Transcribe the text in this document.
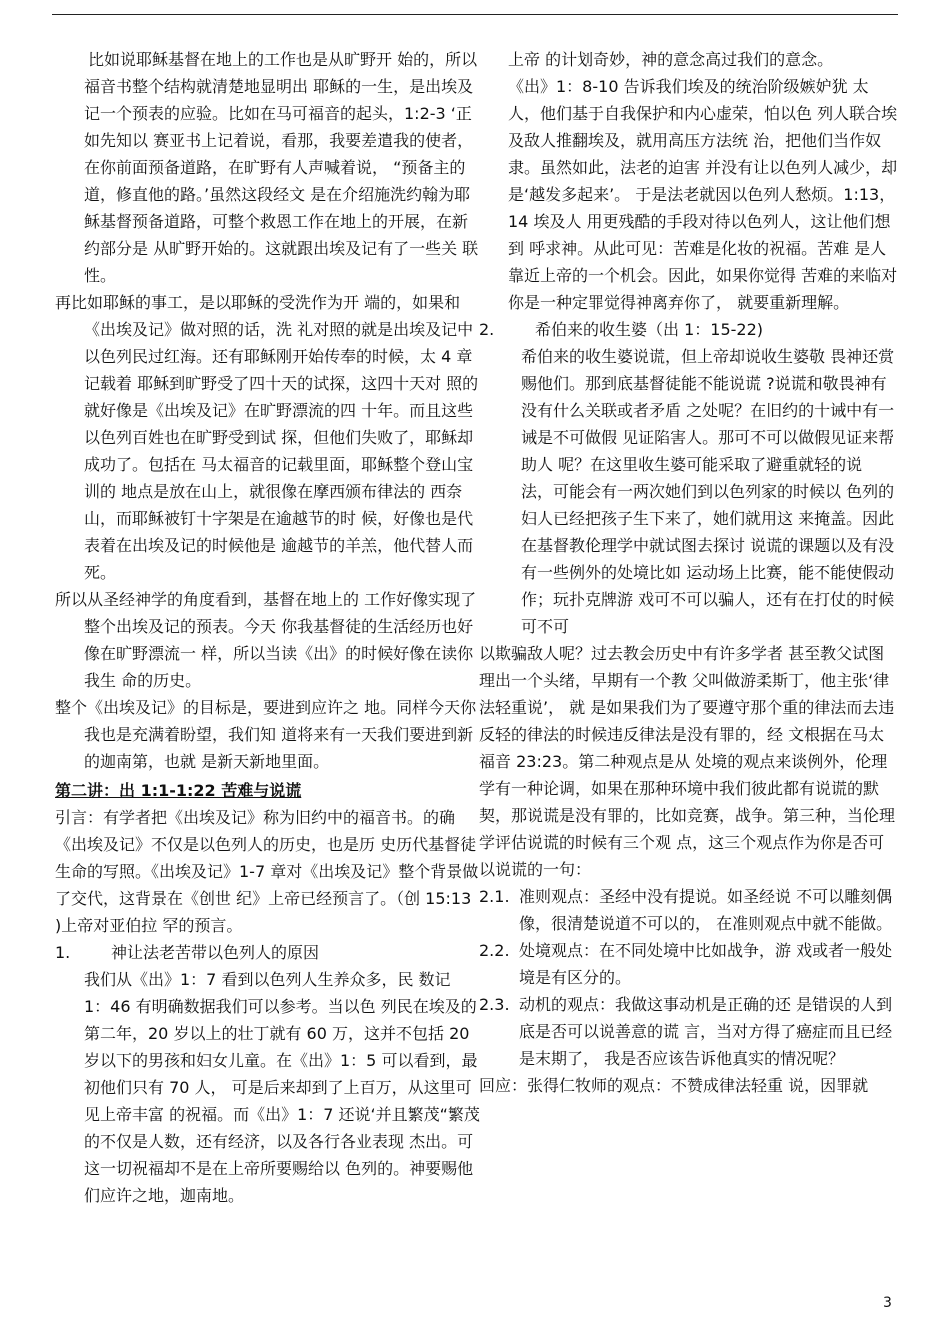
比如说耶稣基督在地上的工作也是从旷野开 始的，所以福音书整个结构就清楚地显明出 耶稣的一生，是出埃及记一个预表的应验。比如在马可福音的起头，1:2-3 ‘正如先知以 赛亚书上记着说，看那，我要差遣我的使者， 在你前面预备道路，在旷野有人声喊着说， “预备主的道，修直他的路。’虽然这段经文 是在介绍施洗约翰为耶稣基督预备道路，可整个救恩工作在地上的开展，在新约部分是 从旷野开始的。这就跟出埃及记有了一些关 联性。

再比如耶稣的事工，是以耶稣的受洗作为开 端的，如果和《出埃及记》做对照的话，洗 礼对照的就是出埃及记中以色列民过红海。还有耶稣刚开始传奉的时候，太 4 章记载着 耶稣到旷野受了四十天的试探，这四十天对 照的就好像是《出埃及记》在旷野漂流的四 十年。而且这些以色列百姓也在旷野受到试 探，但他们失败了，耶稣却成功了。包括在 马太福音的记载里面，耶稣整个登山宝训的 地点是放在山上，就很像在摩西颁布律法的 西奈山，而耶稣被钉十字架是在逾越节的时 候，好像也是代表着在出埃及记的时候他是 逾越节的羊羔，他代替人而死。

所以从圣经神学的角度看到，基督在地上的 工作好像实现了整个出埃及记的预表。今天 你我基督徒的生活经历也好像在旷野漂流一 样，所以当读《出》的时候好像在读你我生 命的历史。

整个《出埃及记》的目标是，要进到应许之 地。同样今天你我也是充满着盼望，我们知 道将来有一天我们要进到新的迦南第，也就 是新天新地里面。

第二讲：出 1:1-1:22 苦难与说谎

引言：有学者把《出埃及记》称为旧约中的福音书。的确《出埃及记》不仅是以色列人的历史，也是历 史历代基督徒生命的写照。《出埃及记》1-7 章对《出埃及记》整个背景做了交代，这背景在《创世 纪》上帝已经预言了。（创 15:13 )上帝对亚伯拉 罕的预言。

1.	神让法老苦带以色列人的原因

我们从《出》1：7 看到以色列人生养众多，民 数记 1：46 有明确数据我们可以参考。当以色 列民在埃及的第二年，20 岁以上的壮丁就有 60 万，这并不包括 20 岁以下的男孩和妇女儿童。在《出》1：5 可以看到，最初他们只有 70 人， 可是后来却到了上百万，从这里可见上帝丰富 的祝福。而《出》1：7 还说‘并且繁茂“繁茂 的不仅是人数，还有经济，以及各行各业表现 杰出。可这一切祝福却不是在上帝所要赐给以 色列的。神要赐他们应许之地，迦南地。

上帝 的计划奇妙，神的意念高过我们的意念。

《出》1：8-10 告诉我们埃及的统治阶级嫉妒犹 太人，他们基于自我保护和内心虚荣，怕以色 列人联合埃及敌人推翻埃及，就用高压方法统 治，把他们当作奴隶。虽然如此，法老的迫害 并没有让以色列人减少，却是‘越发多起来’。 于是法老就因以色列人愁烦。1:13，14 埃及人 用更残酷的手段对待以色列人，这让他们想到 呼求神。从此可见：苦难是化妆的祝福。苦难 是人靠近上帝的一个机会。因此，如果你觉得 苦难的来临对你是一种定罪觉得神离弃你了， 就要重新理解。

2.	希伯来的收生婆（出 1：15-22)

希伯来的收生婆说谎，但上帝却说收生婆敬 畏神还赏赐他们。那到底基督徒能不能说谎 ?说谎和敬畏神有没有什么关联或者矛盾 之处呢？在旧约的十诫中有一诫是不可做假 见证陷害人。那可不可以做假见证来帮助人 呢？在这里收生婆可能采取了避重就轻的说 法，可能会有一两次她们到以色列家的时候以 色列的妇人已经把孩子生下来了，她们就用这 来掩盖。因此在基督教伦理学中就试图去探讨 说谎的课题以及有没有一些例外的处境比如 运动场上比赛，能不能使假动作；玩扑克牌游 戏可不可以骗人，还有在打仗的时候可不可

以欺骗敌人呢？过去教会历史中有许多学者 甚至教父试图理出一个头绪，早期有一个教 父叫做游柔斯丁，他主张‘律法轻重说’， 就 是如果我们为了要遵守那个重的律法而去违 反轻的律法的时候违反律法是没有罪的，经 文根据在马太福音 23:23。第二种观点是从 处境的观点来谈例外，伦理学有一种论调，如果在那种环境中我们彼此都有说谎的默 契，那说谎是没有罪的，比如竞赛，战争。第三种，当伦理学评估说谎的时候有三个观 点，这三个观点作为你是否可以说谎的一句：

2.1. 准则观点：圣经中没有提说。如圣经说 不可以雕刻偶像，很清楚说道不可以的， 在准则观点中就不能做。
2.2. 处境观点：在不同处境中比如战争，游 戏或者一般处境是有区分的。
2.3. 动机的观点：我做这事动机是正确的还 是错误的人到底是否可以说善意的谎 言，当对方得了癌症而且已经是末期了， 我是否应该告诉他真实的情况呢？

回应：张得仁牧师的观点：不赞成律法轻重 说，因罪就

3
